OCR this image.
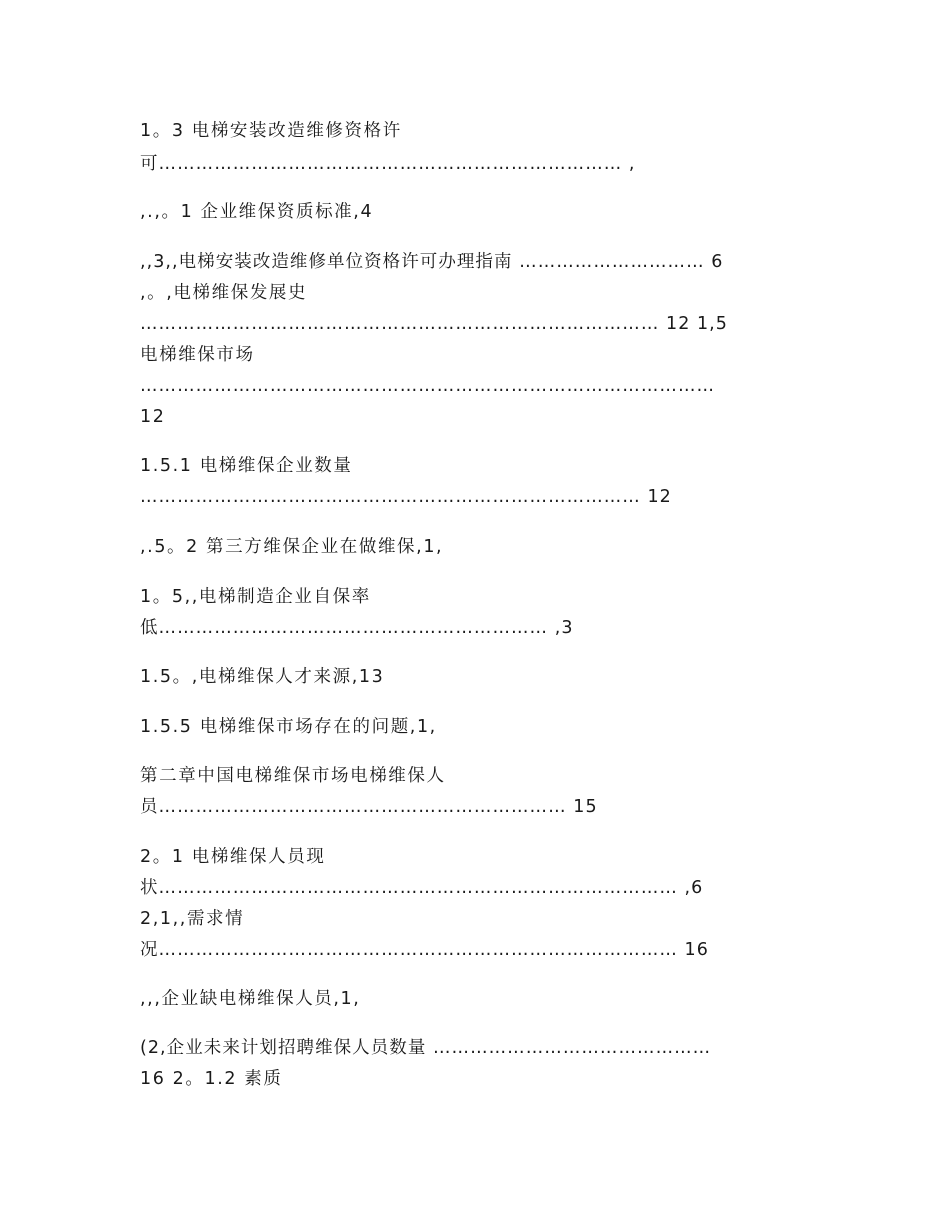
1。3 电梯安装改造维修资格许
可………………………………………………………………… ,
,.,。1 企业维保资质标准,4
,,3,,电梯安装改造维修单位资格许可办理指南 ………………………… 6
,。,电梯维保发展史
………………………………………………………………………… 12 1,5
电梯维保市场
…………………………………………………………………………………
12
1.5.1 电梯维保企业数量
……………………………………………………………………… 12
,.5。2 第三方维保企业在做维保,1,
1。5,,电梯制造企业自保率
低……………………………………………………… ,3
1.5。,电梯维保人才来源,13
1.5.5 电梯维保市场存在的问题,1,
第二章中国电梯维保市场电梯维保人
员………………………………………………………… 15
2。1 电梯维保人员现
状………………………………………………………………………… ,6
2,1,,需求情
况………………………………………………………………………… 16
,,,企业缺电梯维保人员,1,
(2,企业未来计划招聘维保人员数量 ………………………………………
16 2。1.2 素质
